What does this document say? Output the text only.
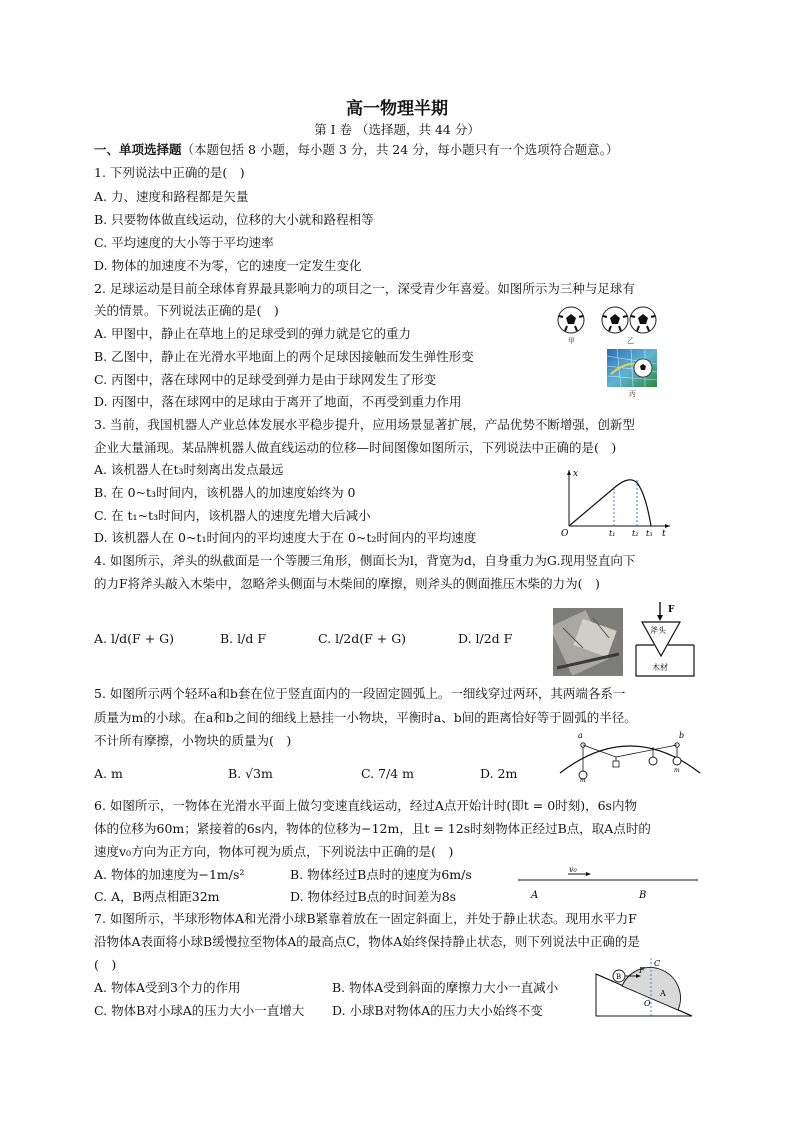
高一物理半期
第 I 卷 （选择题，共 44 分）
一、单项选择题（本题包括 8 小题，每小题 3 分，共 24 分，每小题只有一个选项符合题意。）
1. 下列说法中正确的是(　)
A. 力、速度和路程都是矢量
B. 只要物体做直线运动，位移的大小就和路程相等
C. 平均速度的大小等于平均速率
D. 物体的加速度不为零，它的速度一定发生变化
2. 足球运动是目前全球体育界最具影响力的项目之一，深受青少年喜爱。如图所示为三种与足球有
关的情景。下列说法正确的是(　)
A. 甲图中，静止在草地上的足球受到的弹力就是它的重力
B. 乙图中，静止在光滑水平地面上的两个足球因接触而发生弹性形变
C. 丙图中，落在球网中的足球受到弹力是由于球网发生了形变
D. 丙图中，落在球网中的足球由于离开了地面，不再受到重力作用
甲	乙
丙
3. 当前，我国机器人产业总体发展水平稳步提升，应用场景显著扩展，产品优势不断增强，创新型
企业大量涌现。某品牌机器人做直线运动的位移—时间图像如图所示，下列说法中正确的是(　)
A. 该机器人在t₃时刻离出发点最远
B. 在 0~t₃时间内，该机器人的加速度始终为 0
C. 在 t₁~t₃时间内，该机器人的速度先增大后减小
D. 该机器人在 0~t₁时间内的平均速度大于在 0~t₂时间内的平均速度
x
t
O	t₁ t₂ t₃
4. 如图所示，斧头的纵截面是一个等腰三角形，侧面长为l，背宽为d，自身重力为G.现用竖直向下
的力F将斧头敲入木柴中，忽略斧头侧面与木柴间的摩擦，则斧头的侧面推压木柴的力为(　)
A. l/d(F + G)	B. l/d F	C. l/2d(F + G)	D. l/2d F
F
斧头
木材
5. 如图所示两个轻环a和b套在位于竖直面内的一段固定圆弧上。一细线穿过两环，其两端各系一
质量为m的小球。在a和b之间的细线上悬挂一小物块，平衡时a、b间的距离恰好等于圆弧的半径。
不计所有摩擦，小物块的质量为(　)
A. m	B. √3m	C. 7/4 m	D. 2m
a	b
m
m
6. 如图所示，一物体在光滑水平面上做匀变速直线运动，经过A点开始计时(即t = 0时刻)，6s内物
体的位移为60m；紧接着的6s内，物体的位移为−12m，且t = 12s时刻物体正经过B点，取A点时的
速度v₀方向为正方向，物体可视为质点，下列说法中正确的是(　)
A. 物体的加速度为−1m/s²	B. 物体经过B点时的速度为6m/s
C. A，B两点相距32m	D. 物体经过B点的时间差为8s
v₀
A	B
7. 如图所示，半球形物体A和光滑小球B紧靠着放在一固定斜面上，并处于静止状态。现用水平力F
沿物体A表面将小球B缓慢拉至物体A的最高点C，物体A始终保持静止状态，则下列说法中正确的是
(　)
A. 物体A受到3个力的作用	B. 物体A受到斜面的摩擦力大小一直减小
C. 物体B对小球A的压力大小一直增大 D. 小球B对物体A的压力大小始终不变
B
F
C
A
O
